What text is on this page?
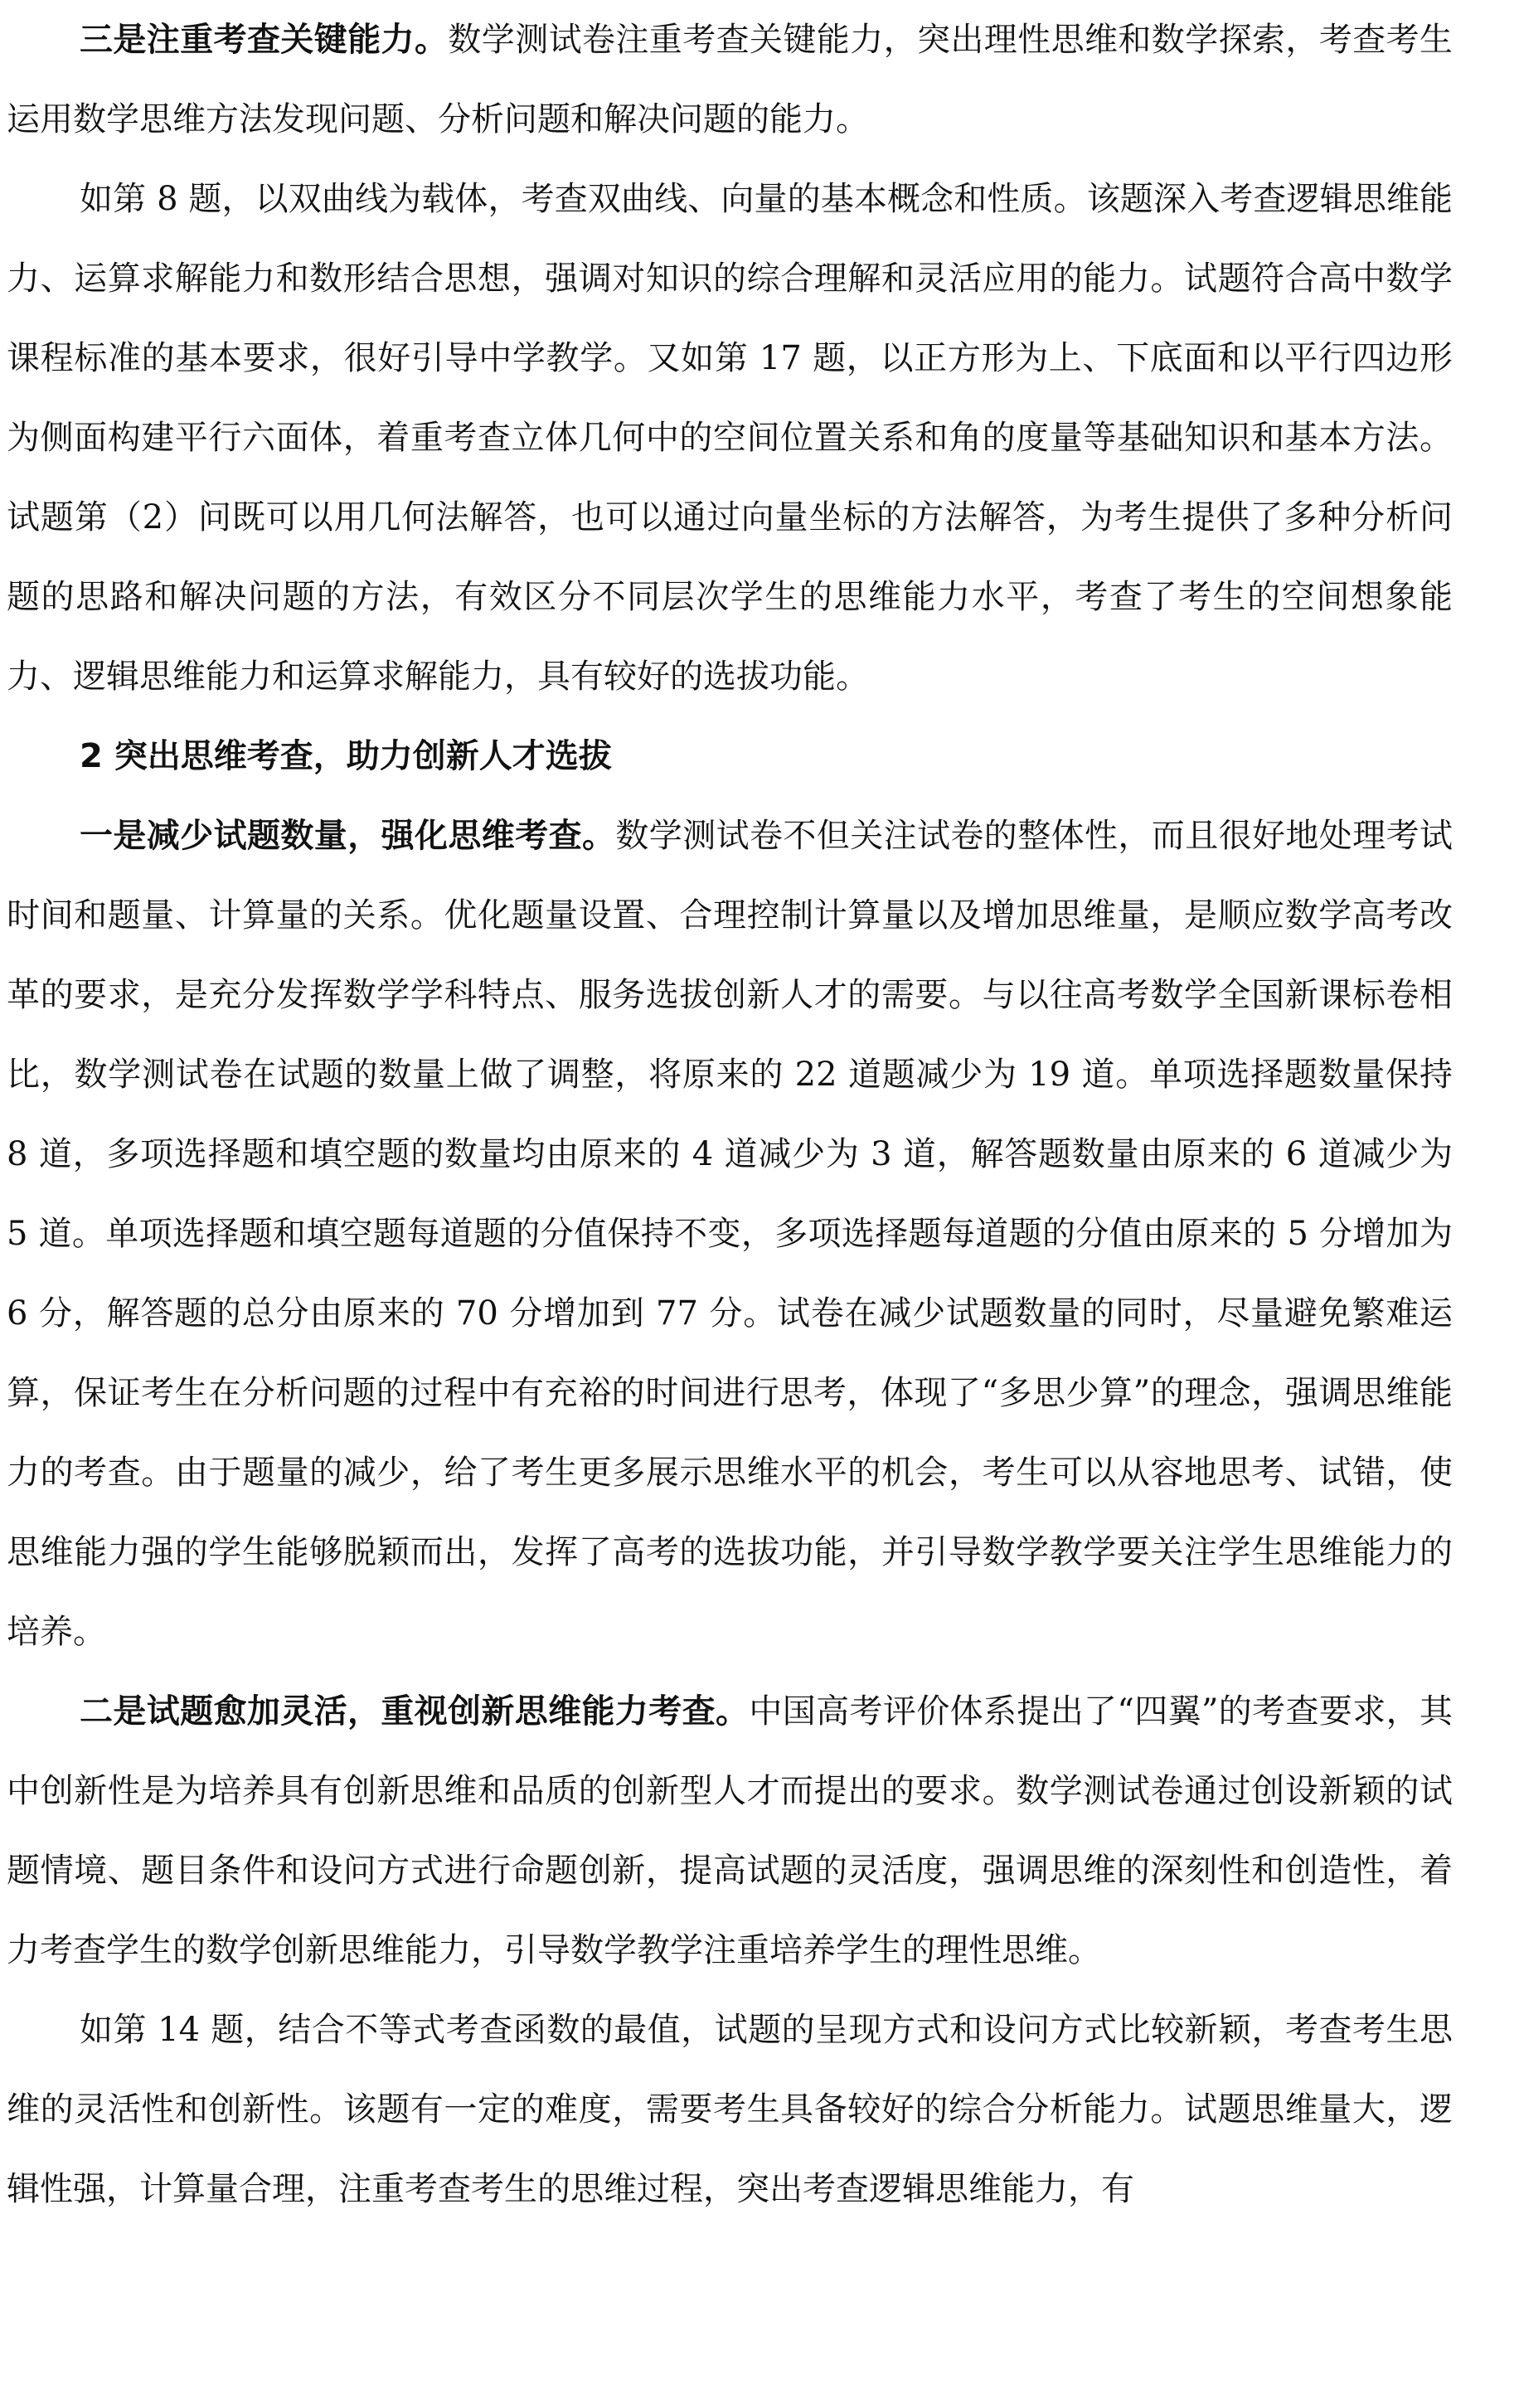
三是注重考查关键能力。数学测试卷注重考查关键能力，突出理性思维和数学探索，考查考生运用数学思维方法发现问题、分析问题和解决问题的能力。

如第 8 题，以双曲线为载体，考查双曲线、向量的基本概念和性质。该题深入考查逻辑思维能力、运算求解能力和数形结合思想，强调对知识的综合理解和灵活应用的能力。试题符合高中数学课程标准的基本要求，很好引导中学教学。又如第 17 题，以正方形为上、下底面和以平行四边形为侧面构建平行六面体，着重考查立体几何中的空间位置关系和角的度量等基础知识和基本方法。试题第（2）问既可以用几何法解答，也可以通过向量坐标的方法解答，为考生提供了多种分析问题的思路和解决问题的方法，有效区分不同层次学生的思维能力水平，考查了考生的空间想象能力、逻辑思维能力和运算求解能力，具有较好的选拔功能。

2 突出思维考查，助力创新人才选拔

一是减少试题数量，强化思维考查。数学测试卷不但关注试卷的整体性，而且很好地处理考试时间和题量、计算量的关系。优化题量设置、合理控制计算量以及增加思维量，是顺应数学高考改革的要求，是充分发挥数学学科特点、服务选拔创新人才的需要。与以往高考数学全国新课标卷相比，数学测试卷在试题的数量上做了调整，将原来的 22 道题减少为 19 道。单项选择题数量保持 8 道，多项选择题和填空题的数量均由原来的 4 道减少为 3 道，解答题数量由原来的 6 道减少为 5 道。单项选择题和填空题每道题的分值保持不变，多项选择题每道题的分值由原来的 5 分增加为 6 分，解答题的总分由原来的 70 分增加到 77 分。试卷在减少试题数量的同时，尽量避免繁难运算，保证考生在分析问题的过程中有充裕的时间进行思考，体现了“多思少算”的理念，强调思维能力的考查。由于题量的减少，给了考生更多展示思维水平的机会，考生可以从容地思考、试错，使思维能力强的学生能够脱颖而出，发挥了高考的选拔功能，并引导数学教学要关注学生思维能力的培养。

二是试题愈加灵活，重视创新思维能力考查。中国高考评价体系提出了“四翼”的考查要求，其中创新性是为培养具有创新思维和品质的创新型人才而提出的要求。数学测试卷通过创设新颖的试题情境、题目条件和设问方式进行命题创新，提高试题的灵活度，强调思维的深刻性和创造性，着力考查学生的数学创新思维能力，引导数学教学注重培养学生的理性思维。

如第 14 题，结合不等式考查函数的最值，试题的呈现方式和设问方式比较新颖，考查考生思维的灵活性和创新性。该题有一定的难度，需要考生具备较好的综合分析能力。试题思维量大，逻辑性强，计算量合理，注重考查考生的思维过程，突出考查逻辑思维能力，有
